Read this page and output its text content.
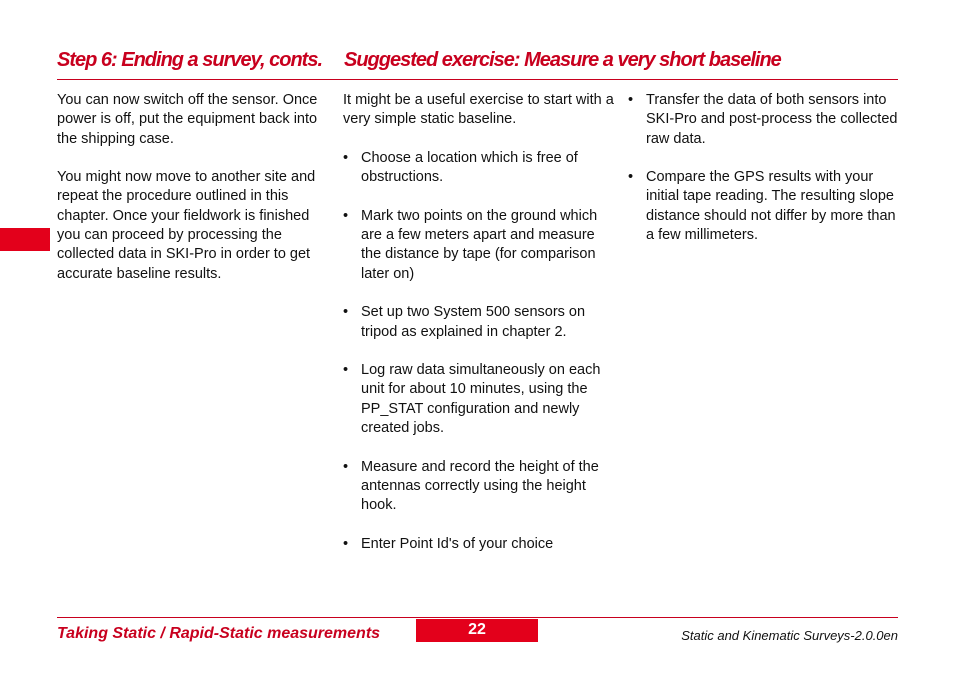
Step 6: Ending a survey, conts. Suggested exercise: Measure a very short baseline

You can now switch off the sensor. Once power is off, put the equipment back into the shipping case.

You might now move to another site and repeat the procedure outlined in this chapter. Once your fieldwork is finished you can proceed by processing the collected data in SKI-Pro in order to get accurate baseline results.

It might be a useful exercise to start with a very simple static baseline.

• Choose a location which is free of obstructions.
• Mark two points on the ground which are a few meters apart and measure the distance by tape (for comparison later on)
• Set up two System 500 sensors on tripod as explained in chapter 2.
• Log raw data simultaneously on each unit for about 10 minutes, using the PP_STAT configuration and newly created jobs.
• Measure and record the height of the antennas correctly using the height hook.
• Enter Point Id's of your choice
• Transfer the data of both sensors into SKI-Pro and post-process the collected raw data.
• Compare the GPS results with your initial tape reading. The resulting slope distance should not differ by more than a few millimeters.
Taking Static / Rapid-Static measurements	22	Static and Kinematic Surveys-2.0.0en
